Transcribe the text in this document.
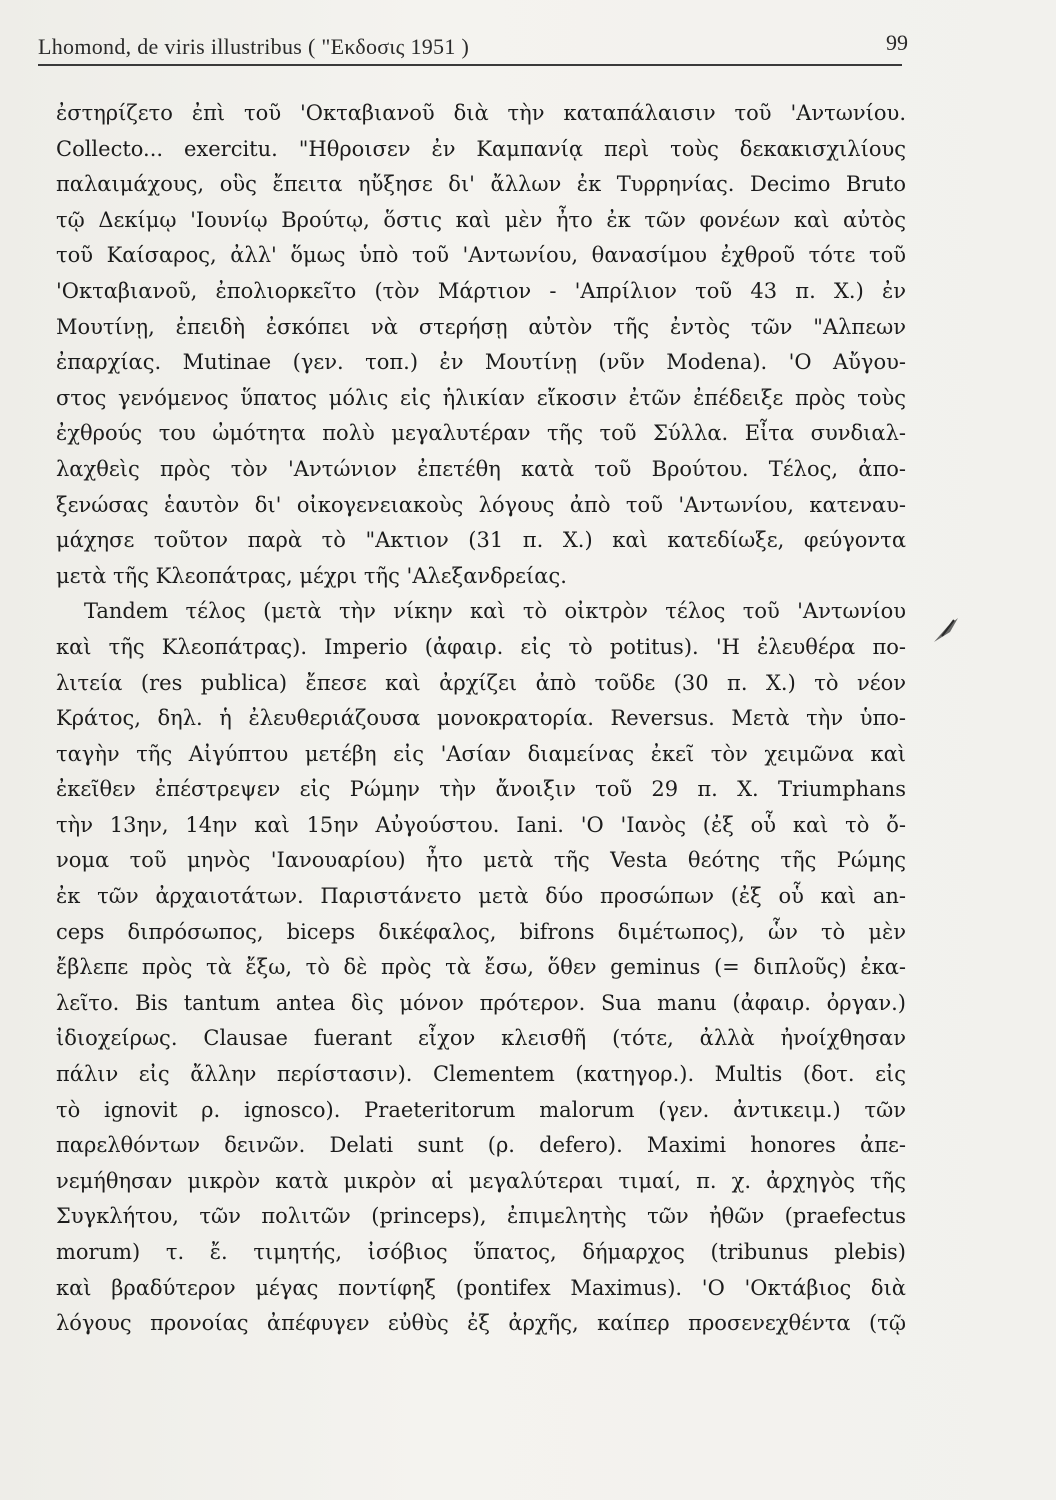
Lhomond, de viris illustribus ( "Εκδοσις 1951 )	99
ἐστηρίζετο ἐπὶ τοῦ 'Οκταβιανοῦ διὰ τὴν καταπάλαισιν τοῦ 'Αντωνίου.
Collecto... exercitu. "Ηθροισεν ἐν Καμπανίᾳ περὶ τοὺς δεκακισχιλίους
παλαιμάχους, οὓς ἔπειτα ηὔξησε δι' ἄλλων ἐκ Τυρρηνίας. Decimo Bruto
τῷ Δεκίμῳ 'Ιουνίῳ Βρούτῳ, ὅστις καὶ μὲν ἦτο ἐκ τῶν φονέων καὶ αὐτὸς
τοῦ Καίσαρος, ἀλλ' ὅμως ὑπὸ τοῦ 'Αντωνίου, θανασίμου ἐχθροῦ τότε τοῦ
'Οκταβιανοῦ, ἐπολιορκεῖτο (τὸν Μάρτιον - 'Απρίλιον τοῦ 43 π. Χ.) ἐν
Μουτίνῃ, ἐπειδὴ ἐσκόπει νὰ στερήσῃ αὐτὸν τῆς ἐντὸς τῶν "Αλπεων
ἐπαρχίας. Mutinae (γεν. τοπ.) ἐν Μουτίνῃ (νῦν Modena). 'Ο Αὔγου-
στος γενόμενος ὕπατος μόλις εἰς ἡλικίαν εἴκοσιν ἐτῶν ἐπέδειξε πρὸς τοὺς
ἐχθρούς του ὠμότητα πολὺ μεγαλυτέραν τῆς τοῦ Σύλλα. Εἶτα συνδιαλ-
λαχθεὶς πρὸς τὸν 'Αντώνιον ἐπετέθη κατὰ τοῦ Βρούτου. Τέλος, ἀπο-
ξενώσας ἑαυτὸν δι' οἰκογενειακοὺς λόγους ἀπὸ τοῦ 'Αντωνίου, κατεναυ-
μάχησε τοῦτον παρὰ τὸ "Ακτιον (31 π. Χ.) καὶ κατεδίωξε, φεύγοντα
μετὰ τῆς Κλεοπάτρας, μέχρι τῆς 'Αλεξανδρείας.
Tandem τέλος (μετὰ τὴν νίκην καὶ τὸ οἰκτρὸν τέλος τοῦ 'Αντωνίου
καὶ τῆς Κλεοπάτρας). Imperio (ἀφαιρ. εἰς τὸ potitus). 'Η ἐλευθέρα πο-
λιτεία (res publica) ἔπεσε καὶ ἀρχίζει ἀπὸ τοῦδε (30 π. Χ.) τὸ νέον
Κράτος, δηλ. ἡ ἐλευθεριάζουσα μονοκρατορία. Reversus. Μετὰ τὴν ὑπο-
ταγὴν τῆς Αἰγύπτου μετέβη εἰς 'Ασίαν διαμείνας ἐκεῖ τὸν χειμῶνα καὶ
ἐκεῖθεν ἐπέστρεψεν εἰς Ρώμην τὴν ἄνοιξιν τοῦ 29 π. Χ. Triumphans
τὴν 13ην, 14ην καὶ 15ην Αὐγούστου. Iani. 'Ο 'Ιανὸς (ἐξ οὗ καὶ τὸ ὄ-
νομα τοῦ μηνὸς 'Ιανουαρίου) ἦτο μετὰ τῆς Vesta θεότης τῆς Ρώμης
ἐκ τῶν ἀρχαιοτάτων. Παριστάνετο μετὰ δύο προσώπων (ἐξ οὗ καὶ an-
ceps διπρόσωπος, biceps δικέφαλος, bifrons διμέτωπος), ὧν τὸ μὲν
ἔβλεπε πρὸς τὰ ἔξω, τὸ δὲ πρὸς τὰ ἔσω, ὅθεν geminus (= διπλοῦς) ἐκα-
λεῖτο. Bis tantum antea δὶς μόνον πρότερον. Sua manu (ἀφαιρ. ὀργαν.)
ἰδιοχείρως. Clausae fuerant εἶχον κλεισθῆ (τότε, ἀλλὰ ἠνοίχθησαν
πάλιν εἰς ἄλλην περίστασιν). Clementem (κατηγορ.). Multis (δοτ. εἰς
τὸ ignovit ρ. ignosco). Praeteritorum malorum (γεν. ἀντικειμ.) τῶν
παρελθόντων δεινῶν. Delati sunt (ρ. defero). Maximi honores ἀπε-
νεμήθησαν μικρὸν κατὰ μικρὸν αἱ μεγαλύτεραι τιμαί, π. χ. ἀρχηγὸς τῆς
Συγκλήτου, τῶν πολιτῶν (princeps), ἐπιμελητὴς τῶν ἠθῶν (praefectus
morum) τ. ἔ. τιμητής, ἰσόβιος ὕπατος, δήμαρχος (tribunus plebis)
καὶ βραδύτερον μέγας ποντίφηξ (pontifex Maximus). 'Ο 'Οκτάβιος διὰ
λόγους προνοίας ἀπέφυγεν εὐθὺς ἐξ ἀρχῆς, καίπερ προσενεχθέντα (τῷ
